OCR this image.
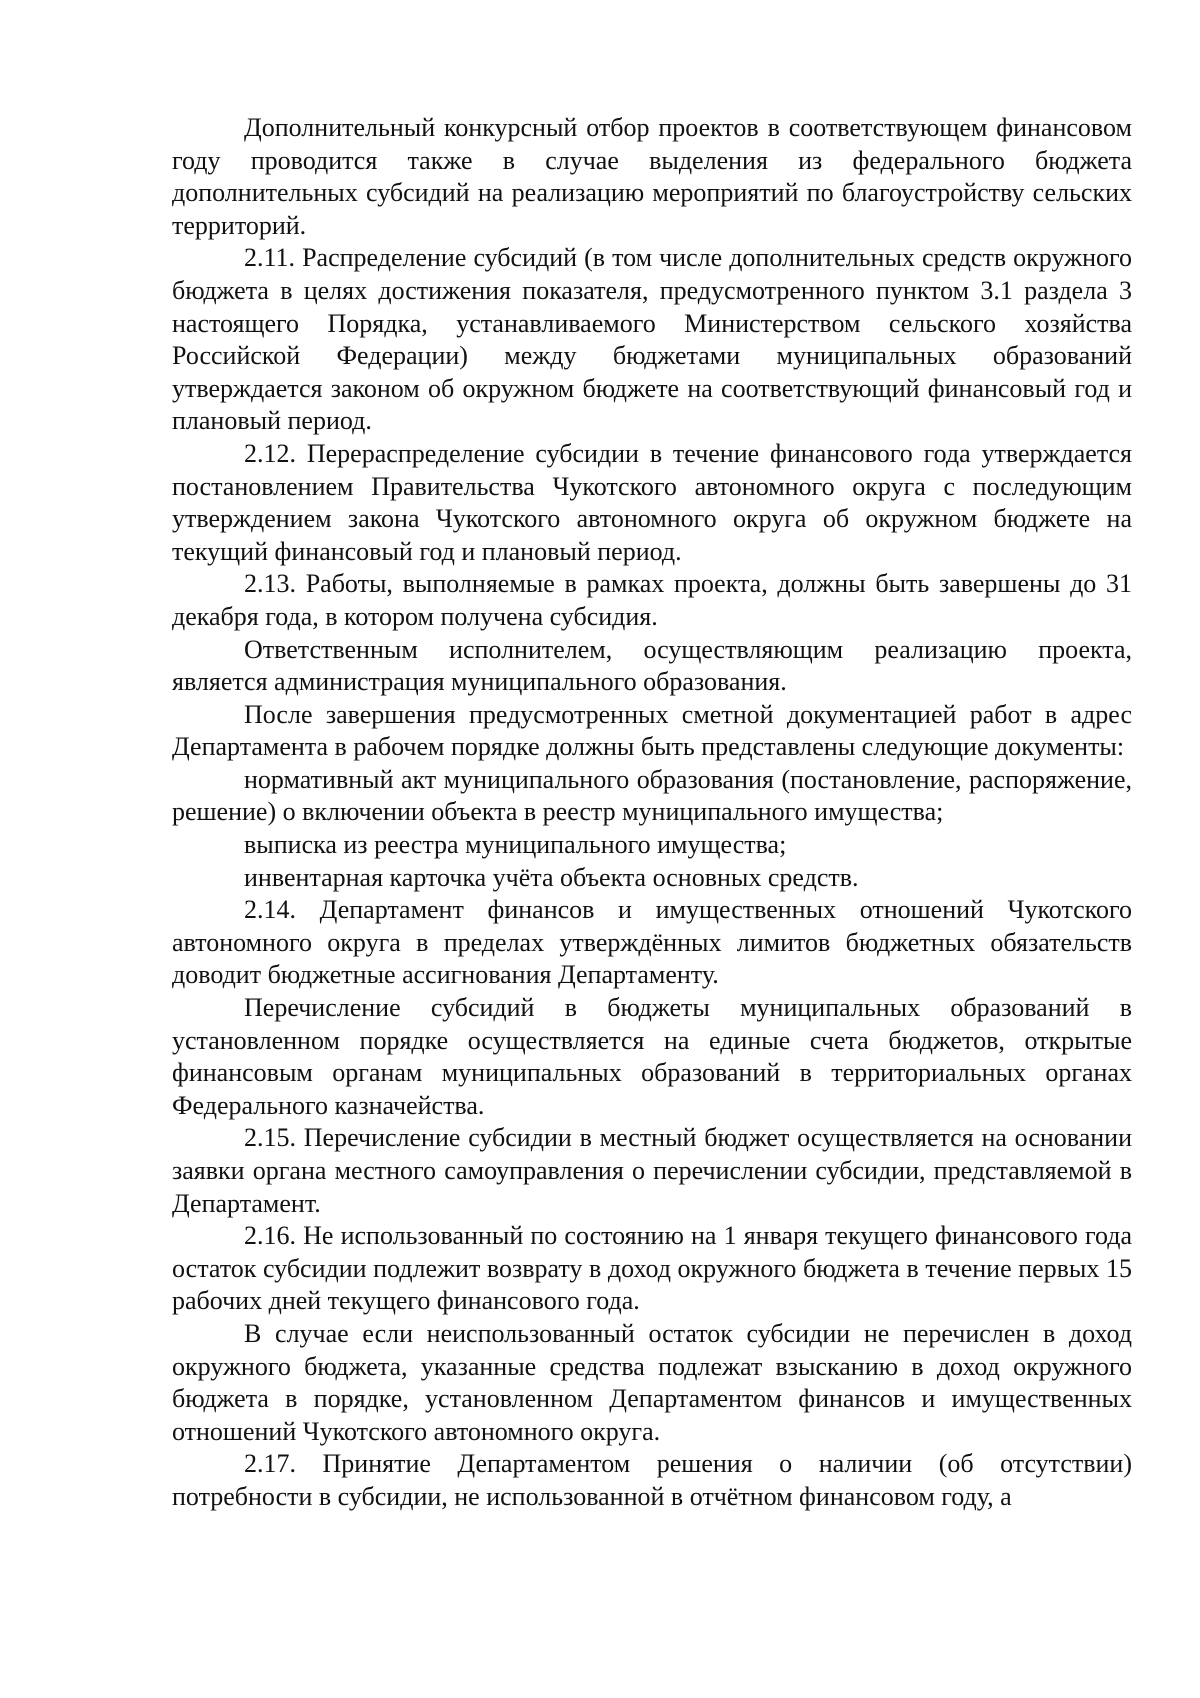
Дополнительный конкурсный отбор проектов в соответствующем финансовом году проводится также в случае выделения из федерального бюджета дополнительных субсидий на реализацию мероприятий по благоустройству сельских территорий.

2.11. Распределение субсидий (в том числе дополнительных средств окружного бюджета в целях достижения показателя, предусмотренного пунктом 3.1 раздела 3 настоящего Порядка, устанавливаемого Министерством сельского хозяйства Российской Федерации) между бюджетами муниципальных образований утверждается законом об окружном бюджете на соответствующий финансовый год и плановый период.

2.12. Перераспределение субсидии в течение финансового года утверждается постановлением Правительства Чукотского автономного округа с последующим утверждением закона Чукотского автономного округа об окружном бюджете на текущий финансовый год и плановый период.

2.13. Работы, выполняемые в рамках проекта, должны быть завершены до 31 декабря года, в котором получена субсидия.

Ответственным исполнителем, осуществляющим реализацию проекта, является администрация муниципального образования.

После завершения предусмотренных сметной документацией работ в адрес Департамента в рабочем порядке должны быть представлены следующие документы:

нормативный акт муниципального образования (постановление, распоряжение, решение) о включении объекта в реестр муниципального имущества;

выписка из реестра муниципального имущества;

инвентарная карточка учёта объекта основных средств.

2.14. Департамент финансов и имущественных отношений Чукотского автономного округа в пределах утверждённых лимитов бюджетных обязательств доводит бюджетные ассигнования Департаменту.

Перечисление субсидий в бюджеты муниципальных образований в установленном порядке осуществляется на единые счета бюджетов, открытые финансовым органам муниципальных образований в территориальных органах Федерального казначейства.

2.15. Перечисление субсидии в местный бюджет осуществляется на основании заявки органа местного самоуправления о перечислении субсидии, представляемой в Департамент.

2.16. Не использованный по состоянию на 1 января текущего финансового года остаток субсидии подлежит возврату в доход окружного бюджета в течение первых 15 рабочих дней текущего финансового года.

В случае если неиспользованный остаток субсидии не перечислен в доход окружного бюджета, указанные средства подлежат взысканию в доход окружного бюджета в порядке, установленном Департаментом финансов и имущественных отношений Чукотского автономного округа.

2.17. Принятие Департаментом решения о наличии (об отсутствии) потребности в субсидии, не использованной в отчётном финансовом году, а
